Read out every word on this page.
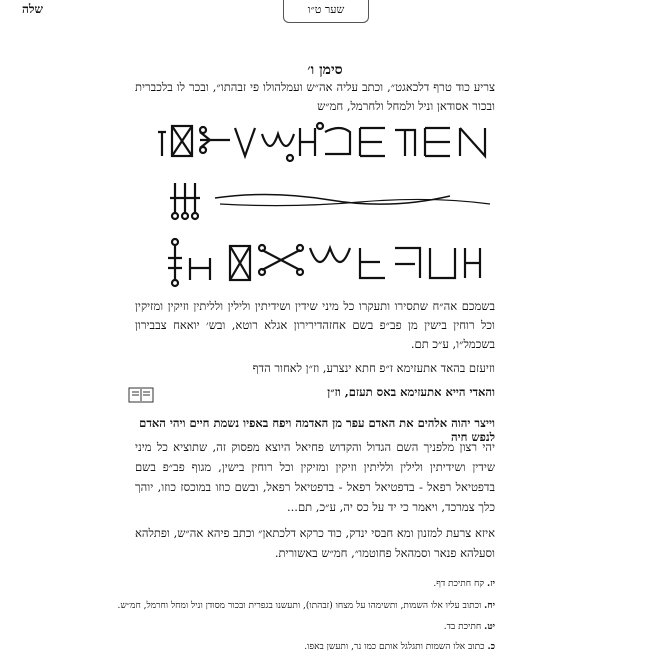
שלה	שער ט״ו
סימן ו׳
צריע כוד טרף דלכאגט״, וכתב עליה אה״ש ועמלהולו פי זבהתו״, ובכר לו בלכברית ובכור אסודאן וניל ולמחל ולחרמל, חמ״ש
בשמכם אה״ח שתסירו ותעקרו כל מיני שידין ושידיתין ולילין ולליתין וזיקין ומזיקין וכל רוחין בישין מן פב״פ בשם אחזהדירירון אגלא רוטא, ובש׳ יואאח צבבירון בשכמל״ו, ע״כ תם.
וזיעזם בהאד אתעזימא ז״פ חתא ינצרע, וז״ן לאחור הדף
והאדי הייא אתעזימא באס תעזם, וז״ן
וייצר יהוה אלהים את האדם עפר מן האדמה ויפח באפיו נשמת חיים ויהי האדם לנפש חיה
יהי רצון מלפניך השם הגדול והקדוש פחיאל היוצא מפסוק זה, שתוציא כל מיני שידין ושידיתין ולילין ולליתין וזיקין ומזיקין וכל רוחין בישין, מגוף פב״פ בשם בדפטיאל רפאל - בדפטיאל רפאל - בדפטיאל רפאל, ובשם כוזו במוכסז כוזו, יוהך כלך צמרכד, ויאמר כי יד על כס יה, ע״כ, תם...
איזא צרעת למזנון ומא חבסי ינדק, כוד כרקא דלכתאן״ וכתב פיהא אה״ש, ופתלהא וסעלהא פנאר וסמהאל פחוטמו״, חמ״ש באשורית.
יז. קח חתיכת דף.
יח. וכתוב עליו אלו השמות, ותשימהו על מצחו (זבהתו), ותעשנו בגפרית ובכור מסודן וניל ומחל וחרמל, חמ״ש.
יט. חתיכת בד.
כ. כתוב אלו השמות ותגלגל אותם כמו נר, ותעשן באפו.
